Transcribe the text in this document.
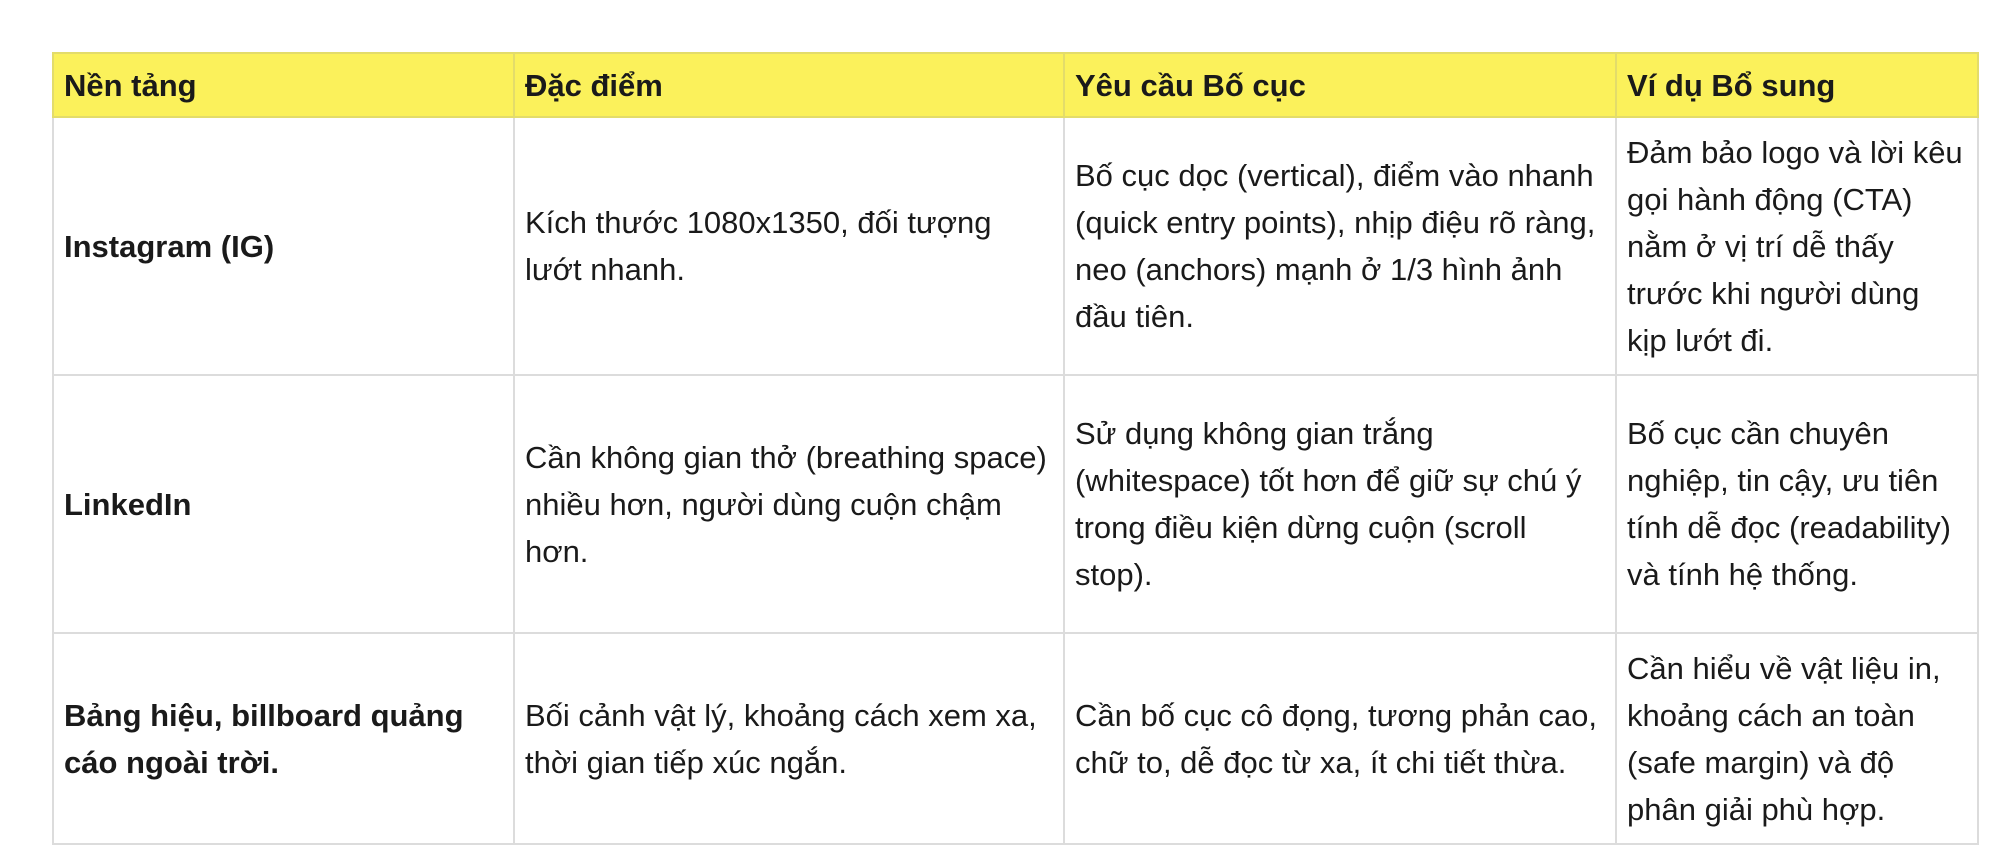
Nền tảng	Đặc điểm	Yêu cầu Bố cục	Ví dụ Bổ sung
Instagram (IG)	Kích thước 1080x1350, đối tượng lướt nhanh.	Bố cục dọc (vertical), điểm vào nhanh (quick entry points), nhịp điệu rõ ràng, neo (anchors) mạnh ở 1/3 hình ảnh đầu tiên.	Đảm bảo logo và lời kêu gọi hành động (CTA) nằm ở vị trí dễ thấy trước khi người dùng kịp lướt đi.
LinkedIn	Cần không gian thở (breathing space) nhiều hơn, người dùng cuộn chậm hơn.	Sử dụng không gian trắng (whitespace) tốt hơn để giữ sự chú ý trong điều kiện dừng cuộn (scroll stop).	Bố cục cần chuyên nghiệp, tin cậy, ưu tiên tính dễ đọc (readability) và tính hệ thống.
Bảng hiệu, billboard quảng cáo ngoài trời.	Bối cảnh vật lý, khoảng cách xem xa, thời gian tiếp xúc ngắn.	Cần bố cục cô đọng, tương phản cao, chữ to, dễ đọc từ xa, ít chi tiết thừa.	Cần hiểu về vật liệu in, khoảng cách an toàn (safe margin) và độ phân giải phù hợp.
